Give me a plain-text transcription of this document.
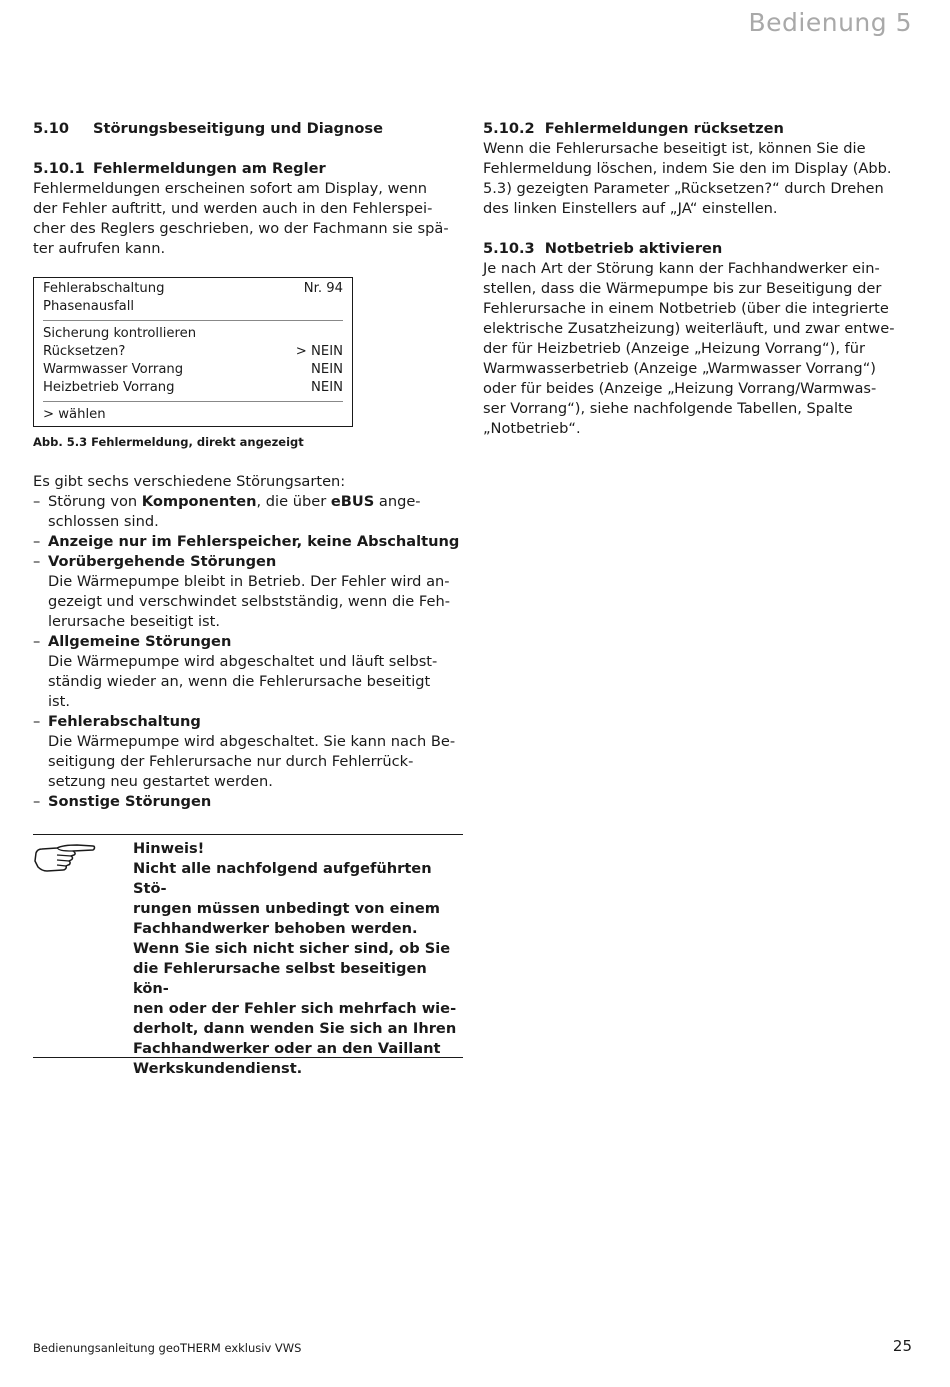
Bedienung 5
5.10	Störungsbeseitigung und Diagnose
5.10.1 Fehlermeldungen am Regler

Fehlermeldungen erscheinen sofort am Display, wenn

der Fehler auftritt, und werden auch in den Fehlerspei-

cher des Reglers geschrieben, wo der Fachmann sie spä-

ter aufrufen kann.

Fehlerabschaltung	Nr. 94
Phasenausfall
Sicherung kontrollieren
Rücksetzen?	> NEIN
Warmwasser Vorrang	NEIN
Heizbetrieb Vorrang	NEIN
> wählen
Abb. 5.3 Fehlermeldung, direkt angezeigt

Es gibt sechs verschiedene Störungsarten:

– Störung von Komponenten, die über eBUS ange-
schlossen sind.
– Anzeige nur im Fehlerspeicher, keine Abschaltung
– Vorübergehende Störungen
Die Wärmepumpe bleibt in Betrieb. Der Fehler wird an-
gezeigt und verschwindet selbstständig, wenn die Feh-
lerursache beseitigt ist.
– Allgemeine Störungen
Die Wärmepumpe wird abgeschaltet und läuft selbst-
ständig wieder an, wenn die Fehlerursache beseitigt
ist.
– Fehlerabschaltung
Die Wärmepumpe wird abgeschaltet. Sie kann nach Be-
seitigung der Fehlerursache nur durch Fehlerrück-
setzung neu gestartet werden.
– Sonstige Störungen
Hinweis!
Nicht alle nachfolgend aufgeführten Stö-
rungen müssen unbedingt von einem
Fachhandwerker behoben werden.
Wenn Sie sich nicht sicher sind, ob Sie
die Fehlerursache selbst beseitigen kön-
nen oder der Fehler sich mehrfach wie-
derholt, dann wenden Sie sich an Ihren
Fachhandwerker oder an den Vaillant
Werkskundendienst.
5.10.2 Fehlermeldungen rücksetzen

Wenn die Fehlerursache beseitigt ist, können Sie die

Fehlermeldung löschen, indem Sie den im Display (Abb.

5.3) gezeigten Parameter „Rücksetzen?“ durch Drehen

des linken Einstellers auf „JA“ einstellen.

5.10.3 Notbetrieb aktivieren

Je nach Art der Störung kann der Fachhandwerker ein-

stellen, dass die Wärmepumpe bis zur Beseitigung der

Fehlerursache in einem Notbetrieb (über die integrierte

elektrische Zusatzheizung) weiterläuft, und zwar entwe-

der für Heizbetrieb (Anzeige „Heizung Vorrang“), für

Warmwasserbetrieb (Anzeige „Warmwasser Vorrang“)

oder für beides (Anzeige „Heizung Vorrang/Warmwas-

ser Vorrang“), siehe nachfolgende Tabellen, Spalte

„Notbetrieb“.

Bedienungsanleitung geoTHERM exklusiv VWS	25
